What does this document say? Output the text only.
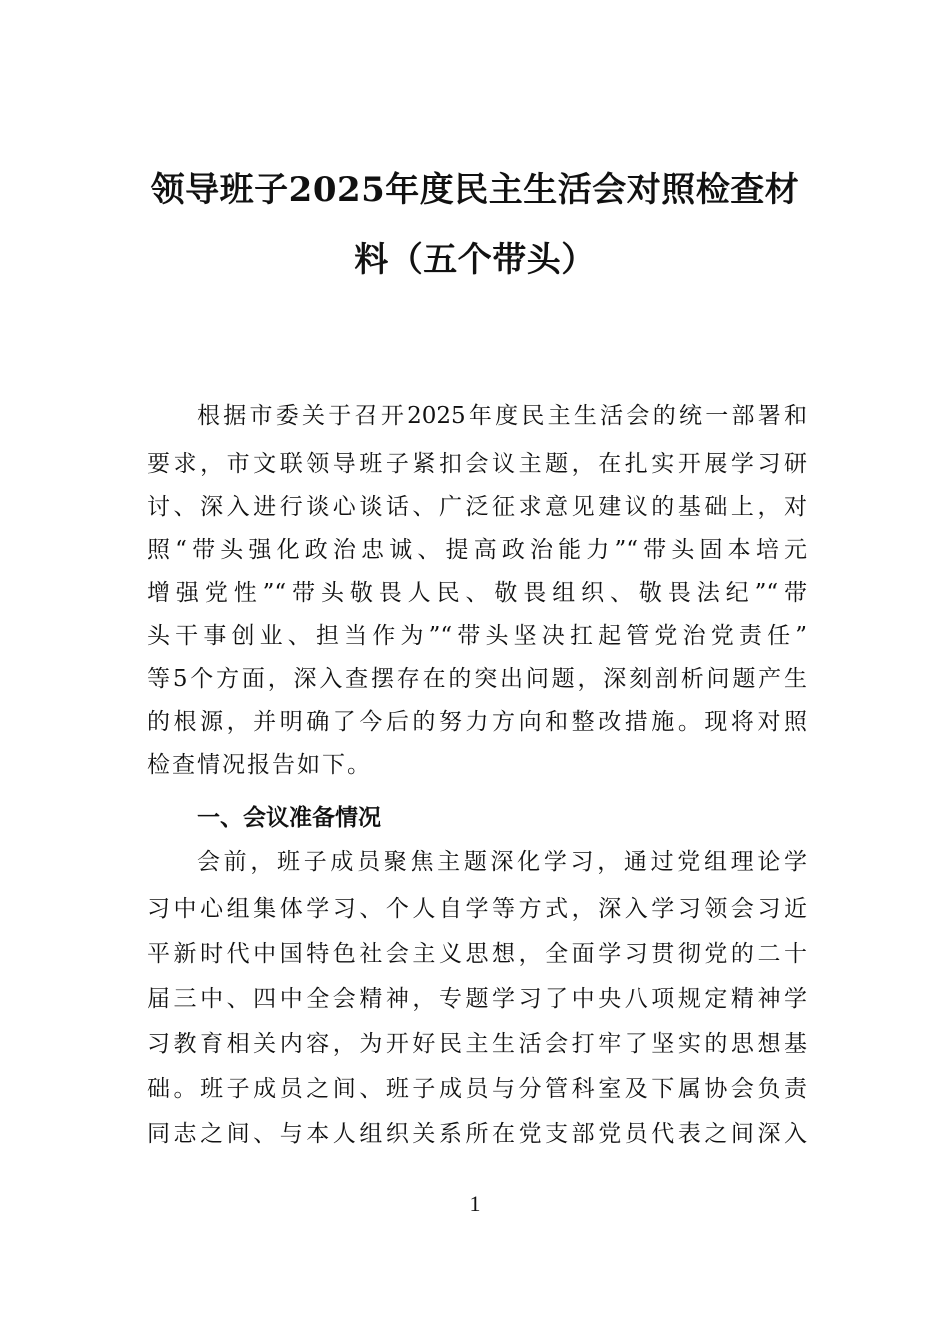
领导班子2025年度民主生活会对照检查材
料（五个带头）
根据市委关于召开2025年度民主生活会的统一部署和
要求，市文联领导班子紧扣会议主题，在扎实开展学习研
讨、深入进行谈心谈话、广泛征求意见建议的基础上，对
照“带头强化政治忠诚、提高政治能力”“带头固本培元
增强党性”“带头敬畏人民、敬畏组织、敬畏法纪”“带
头干事创业、担当作为”“带头坚决扛起管党治党责任”
等5个方面，深入查摆存在的突出问题，深刻剖析问题产生
的根源，并明确了今后的努力方向和整改措施。现将对照
检查情况报告如下。
一、会议准备情况
会前，班子成员聚焦主题深化学习，通过党组理论学
习中心组集体学习、个人自学等方式，深入学习领会习近
平新时代中国特色社会主义思想，全面学习贯彻党的二十
届三中、四中全会精神，专题学习了中央八项规定精神学
习教育相关内容，为开好民主生活会打牢了坚实的思想基
础。班子成员之间、班子成员与分管科室及下属协会负责
同志之间、与本人组织关系所在党支部党员代表之间深入
1
